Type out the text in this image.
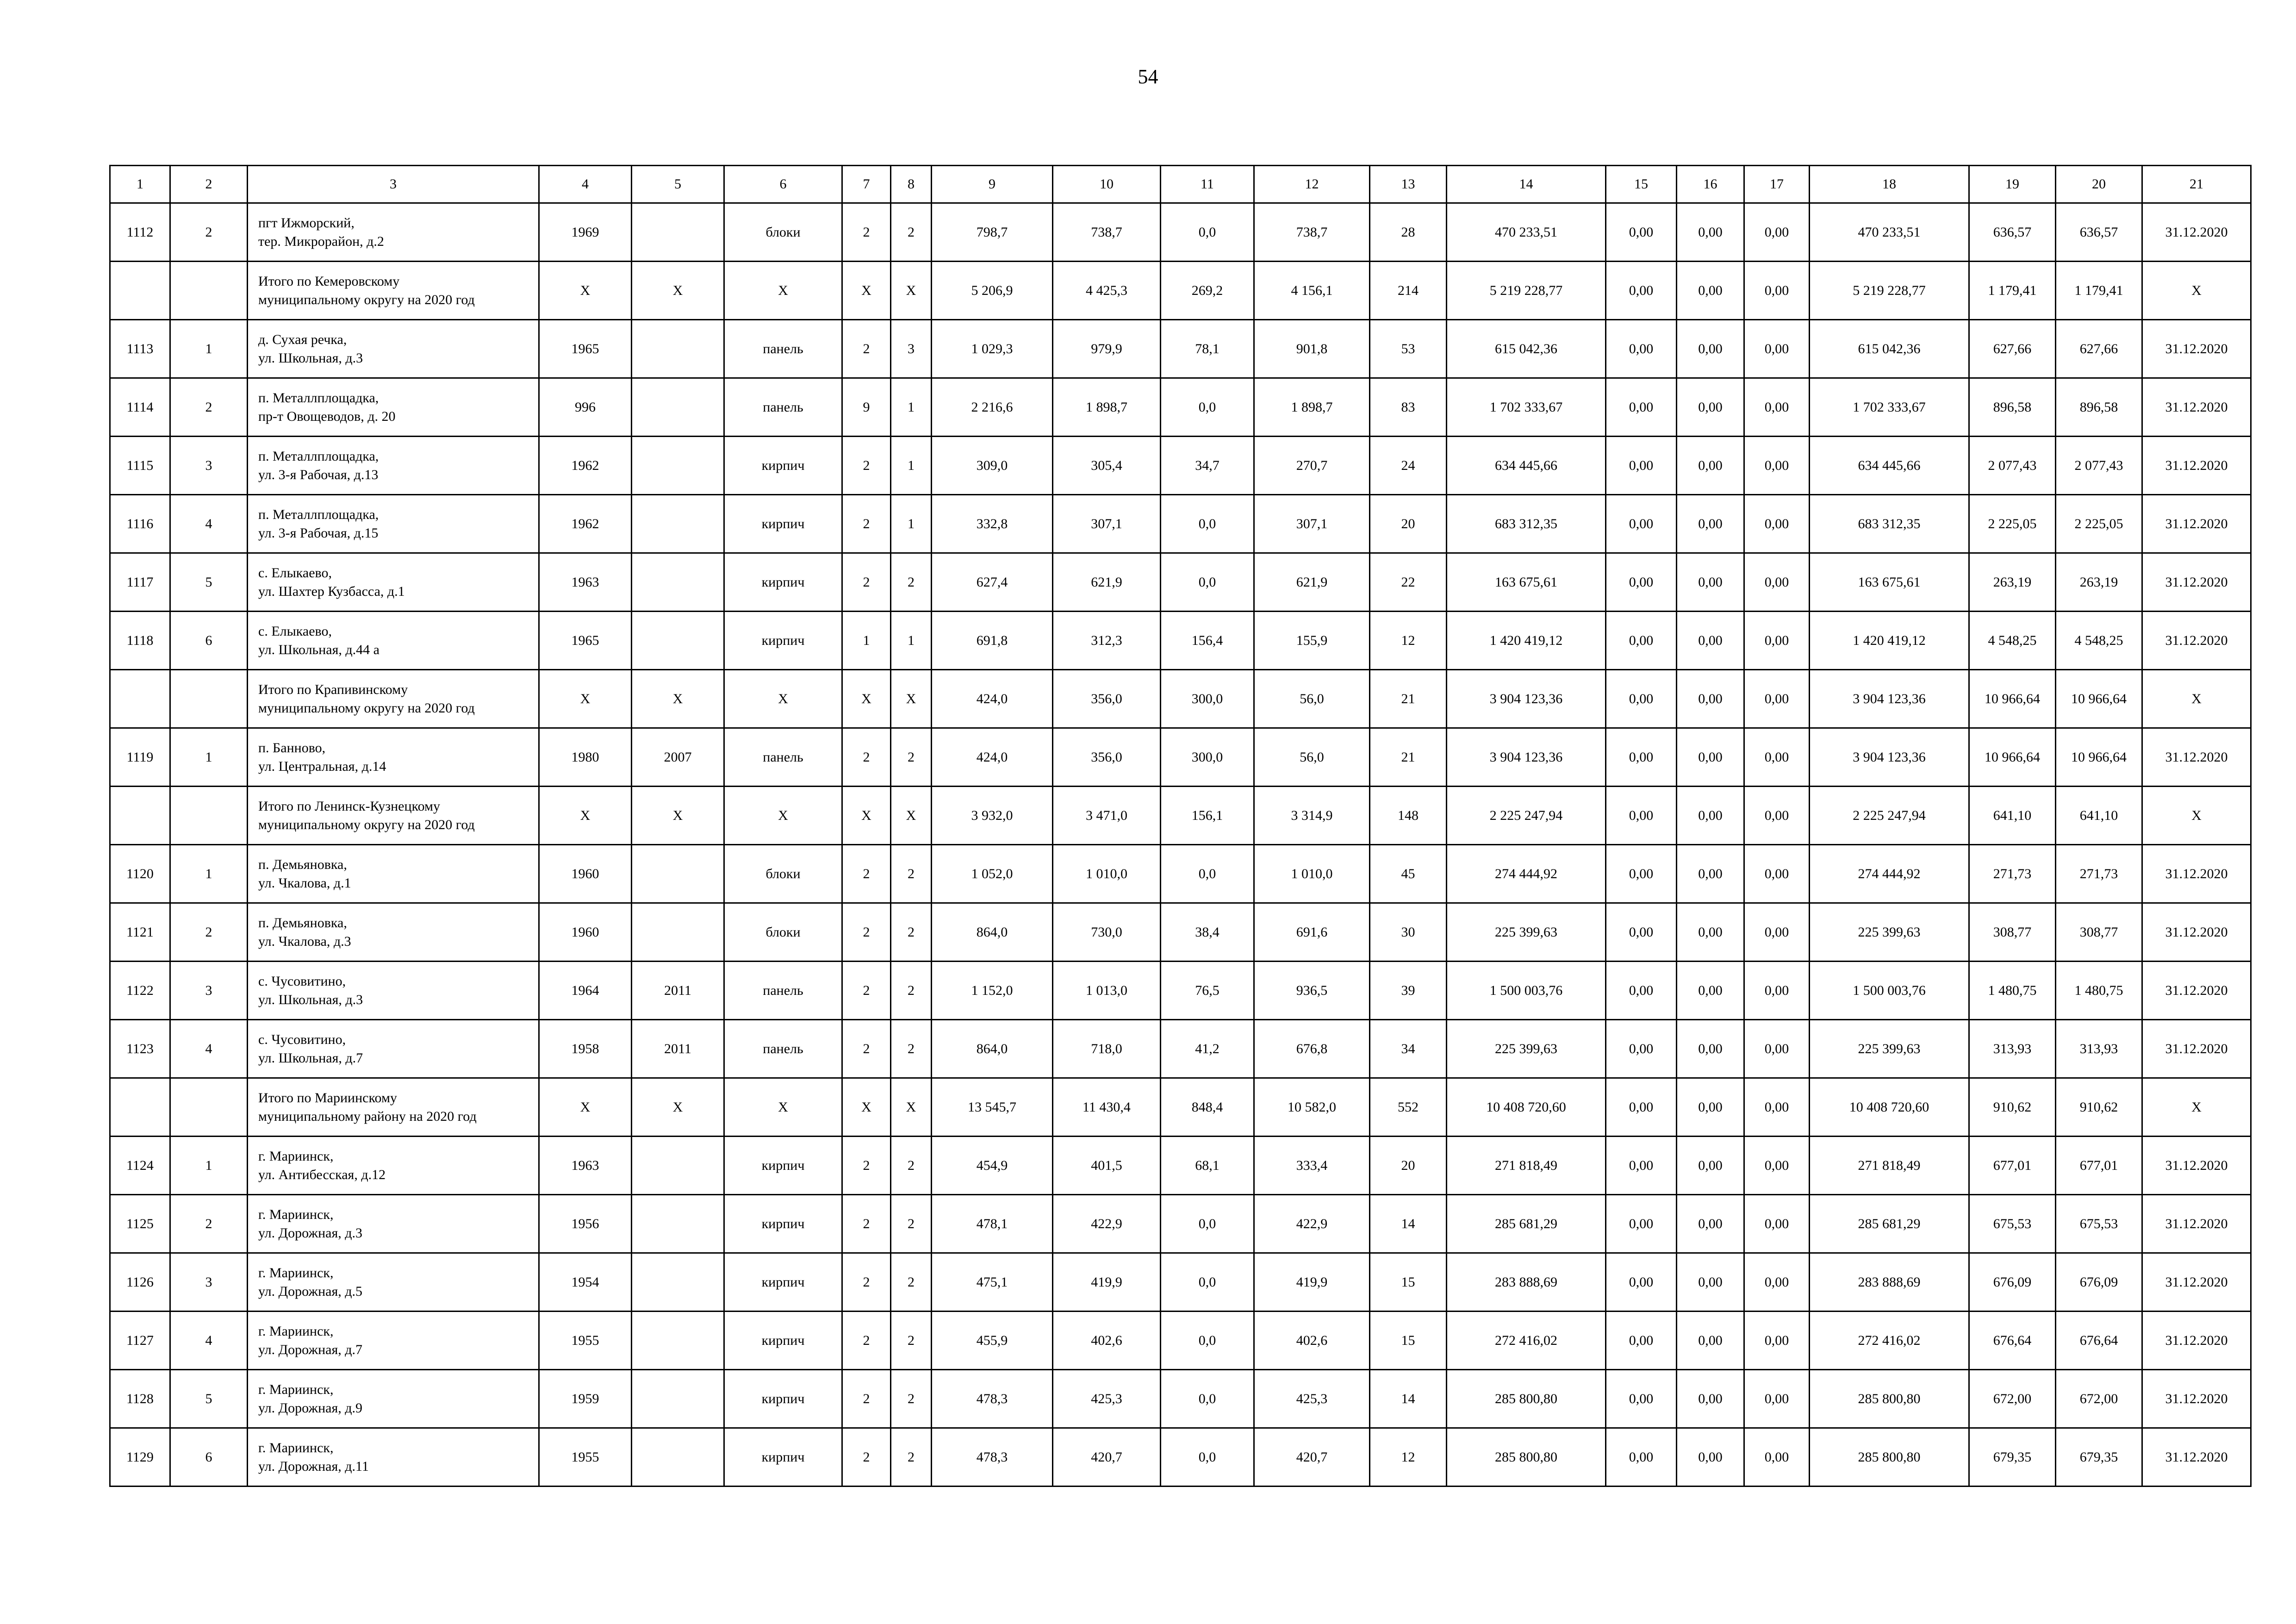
54
1	2	3	4	5	6	7	8	9	10	11	12	13	14	15	16	17	18	19	20	21
1112	2	пгт Ижморский,
тер. Микрорайон, д.2	1969		блоки	2	2	798,7	738,7	0,0	738,7	28	470 233,51	0,00	0,00	0,00	470 233,51	636,57	636,57	31.12.2020

		Итого по Кемеровскому
муниципальному округу на 2020 год	Х	Х	Х	Х	Х	5 206,9	4 425,3	269,2	4 156,1	214	5 219 228,77	0,00	0,00	0,00	5 219 228,77	1 179,41	1 179,41	Х
1113	1	д. Сухая речка,
ул. Школьная, д.3	1965		панель	2	3	1 029,3	979,9	78,1	901,8	53	615 042,36	0,00	0,00	0,00	615 042,36	627,66	627,66	31.12.2020
1114	2	п. Металлплощадка,
пр-т Овощеводов, д. 20	996		панель	9	1	2 216,6	1 898,7	0,0	1 898,7	83	1 702 333,67	0,00	0,00	0,00	1 702 333,67	896,58	896,58	31.12.2020
1115	3	п. Металлплощадка,
ул. 3-я Рабочая, д.13	1962		кирпич	2	1	309,0	305,4	34,7	270,7	24	634 445,66	0,00	0,00	0,00	634 445,66	2 077,43	2 077,43	31.12.2020
1116	4	п. Металлплощадка,
ул. 3-я Рабочая, д.15	1962		кирпич	2	1	332,8	307,1	0,0	307,1	20	683 312,35	0,00	0,00	0,00	683 312,35	2 225,05	2 225,05	31.12.2020
1117	5	с. Елыкаево,
ул. Шахтер Кузбасса, д.1	1963		кирпич	2	2	627,4	621,9	0,0	621,9	22	163 675,61	0,00	0,00	0,00	163 675,61	263,19	263,19	31.12.2020
1118	6	с. Елыкаево,
ул. Школьная, д.44 а	1965		кирпич	1	1	691,8	312,3	156,4	155,9	12	1 420 419,12	0,00	0,00	0,00	1 420 419,12	4 548,25	4 548,25	31.12.2020

		Итого по Крапивинскому
муниципальному округу на 2020 год	Х	Х	Х	Х	Х	424,0	356,0	300,0	56,0	21	3 904 123,36	0,00	0,00	0,00	3 904 123,36	10 966,64	10 966,64	Х
1119	1	п. Банново,
ул. Центральная, д.14	1980	2007	панель	2	2	424,0	356,0	300,0	56,0	21	3 904 123,36	0,00	0,00	0,00	3 904 123,36	10 966,64	10 966,64	31.12.2020

		Итого по Ленинск-Кузнецкому
муниципальному округу на 2020 год	Х	Х	Х	Х	Х	3 932,0	3 471,0	156,1	3 314,9	148	2 225 247,94	0,00	0,00	0,00	2 225 247,94	641,10	641,10	Х
1120	1	п. Демьяновка,
ул. Чкалова, д.1	1960		блоки	2	2	1 052,0	1 010,0	0,0	1 010,0	45	274 444,92	0,00	0,00	0,00	274 444,92	271,73	271,73	31.12.2020
1121	2	п. Демьяновка,
ул. Чкалова, д.3	1960		блоки	2	2	864,0	730,0	38,4	691,6	30	225 399,63	0,00	0,00	0,00	225 399,63	308,77	308,77	31.12.2020
1122	3	с. Чусовитино,
ул. Школьная, д.3	1964	2011	панель	2	2	1 152,0	1 013,0	76,5	936,5	39	1 500 003,76	0,00	0,00	0,00	1 500 003,76	1 480,75	1 480,75	31.12.2020
1123	4	с. Чусовитино,
ул. Школьная, д.7	1958	2011	панель	2	2	864,0	718,0	41,2	676,8	34	225 399,63	0,00	0,00	0,00	225 399,63	313,93	313,93	31.12.2020

		Итого по Мариинскому
муниципальному району на 2020 год	Х	Х	Х	Х	Х	13 545,7	11 430,4	848,4	10 582,0	552	10 408 720,60	0,00	0,00	0,00	10 408 720,60	910,62	910,62	Х
1124	1	г. Мариинск,
ул. Антибесская, д.12	1963		кирпич	2	2	454,9	401,5	68,1	333,4	20	271 818,49	0,00	0,00	0,00	271 818,49	677,01	677,01	31.12.2020
1125	2	г. Мариинск,
ул. Дорожная, д.3	1956		кирпич	2	2	478,1	422,9	0,0	422,9	14	285 681,29	0,00	0,00	0,00	285 681,29	675,53	675,53	31.12.2020
1126	3	г. Мариинск,
ул. Дорожная, д.5	1954		кирпич	2	2	475,1	419,9	0,0	419,9	15	283 888,69	0,00	0,00	0,00	283 888,69	676,09	676,09	31.12.2020
1127	4	г. Мариинск,
ул. Дорожная, д.7	1955		кирпич	2	2	455,9	402,6	0,0	402,6	15	272 416,02	0,00	0,00	0,00	272 416,02	676,64	676,64	31.12.2020
1128	5	г. Мариинск,
ул. Дорожная, д.9	1959		кирпич	2	2	478,3	425,3	0,0	425,3	14	285 800,80	0,00	0,00	0,00	285 800,80	672,00	672,00	31.12.2020
1129	6	г. Мариинск,
ул. Дорожная, д.11	1955		кирпич	2	2	478,3	420,7	0,0	420,7	12	285 800,80	0,00	0,00	0,00	285 800,80	679,35	679,35	31.12.2020
